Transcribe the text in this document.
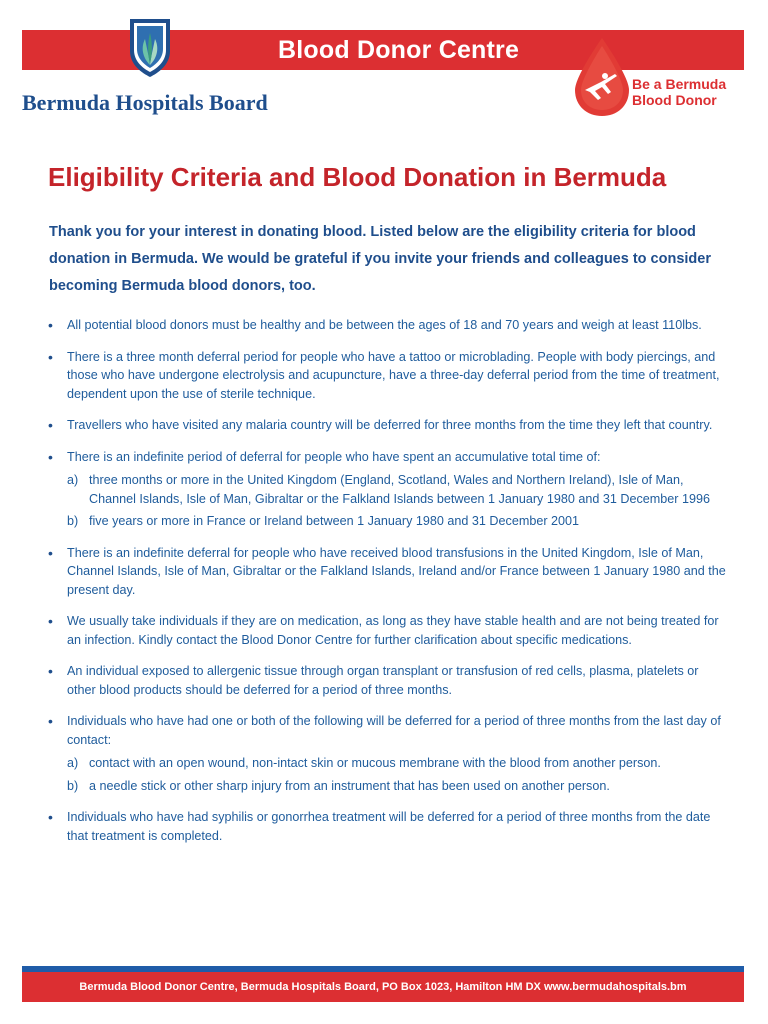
Blood Donor Centre
Bermuda Hospitals Board
Be a Bermuda
Blood Donor
Eligibility Criteria and Blood Donation in Bermuda

Thank you for your interest in donating blood. Listed below are the eligibility criteria for blood donation in Bermuda. We would be grateful if you invite your friends and colleagues to consider becoming Bermuda blood donors, too.

• All potential blood donors must be healthy and be between the ages of 18 and 70 years and weigh at least 110lbs.
• There is a three month deferral period for people who have a tattoo or microblading. People with body piercings, and those who have undergone electrolysis and acupuncture, have a three-day deferral period from the time of treatment, dependent upon the use of sterile technique.
• Travellers who have visited any malaria country will be deferred for three months from the time they left that country.
• There is an indefinite period of deferral for people who have spent an accumulative total time of:
a) three months or more in the United Kingdom (England, Scotland, Wales and Northern Ireland), Isle of Man, Channel Islands, Isle of Man, Gibraltar or the Falkland Islands between 1 January 1980 and 31 December 1996
b) five years or more in France or Ireland between 1 January 1980 and 31 December 2001
• There is an indefinite deferral for people who have received blood transfusions in the United Kingdom, Isle of Man, Channel Islands, Isle of Man, Gibraltar or the Falkland Islands, Ireland and/or France between 1 January 1980 and the present day.
• We usually take individuals if they are on medication, as long as they have stable health and are not being treated for an infection. Kindly contact the Blood Donor Centre for further clarification about specific medications.
• An individual exposed to allergenic tissue through organ transplant or transfusion of red cells, plasma, platelets or other blood products should be deferred for a period of three months.
• Individuals who have had one or both of the following will be deferred for a period of three months from the last day of contact:
a) contact with an open wound, non-intact skin or mucous membrane with the blood from another person.
b) a needle stick or other sharp injury from an instrument that has been used on another person.
• Individuals who have had syphilis or gonorrhea treatment will be deferred for a period of three months from the date that treatment is completed.
Bermuda Blood Donor Centre, Bermuda Hospitals Board, PO Box 1023, Hamilton HM DX www.bermudahospitals.bm
